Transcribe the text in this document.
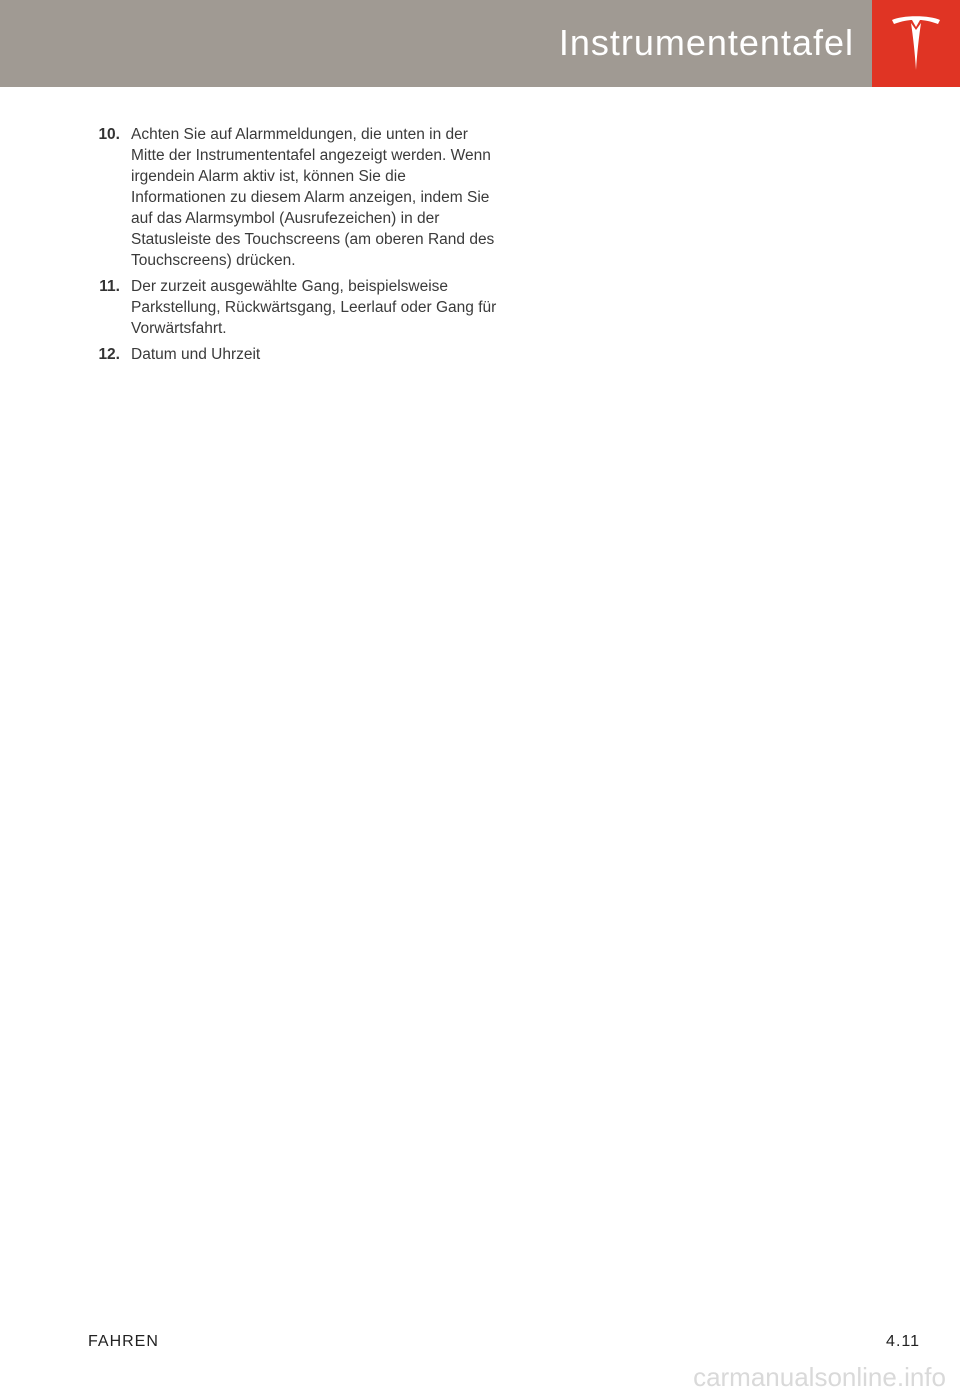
Instrumententafel
10. Achten Sie auf Alarmmeldungen, die unten in der Mitte der Instrumententafel angezeigt werden. Wenn irgendein Alarm aktiv ist, können Sie die Informationen zu diesem Alarm anzeigen, indem Sie auf das Alarmsymbol (Ausrufezeichen) in der Statusleiste des Touchscreens (am oberen Rand des Touchscreens) drücken.
11. Der zurzeit ausgewählte Gang, beispielsweise Parkstellung, Rückwärtsgang, Leerlauf oder Gang für Vorwärtsfahrt.
12. Datum und Uhrzeit
FAHREN	4.11
carmanualsonline.info
